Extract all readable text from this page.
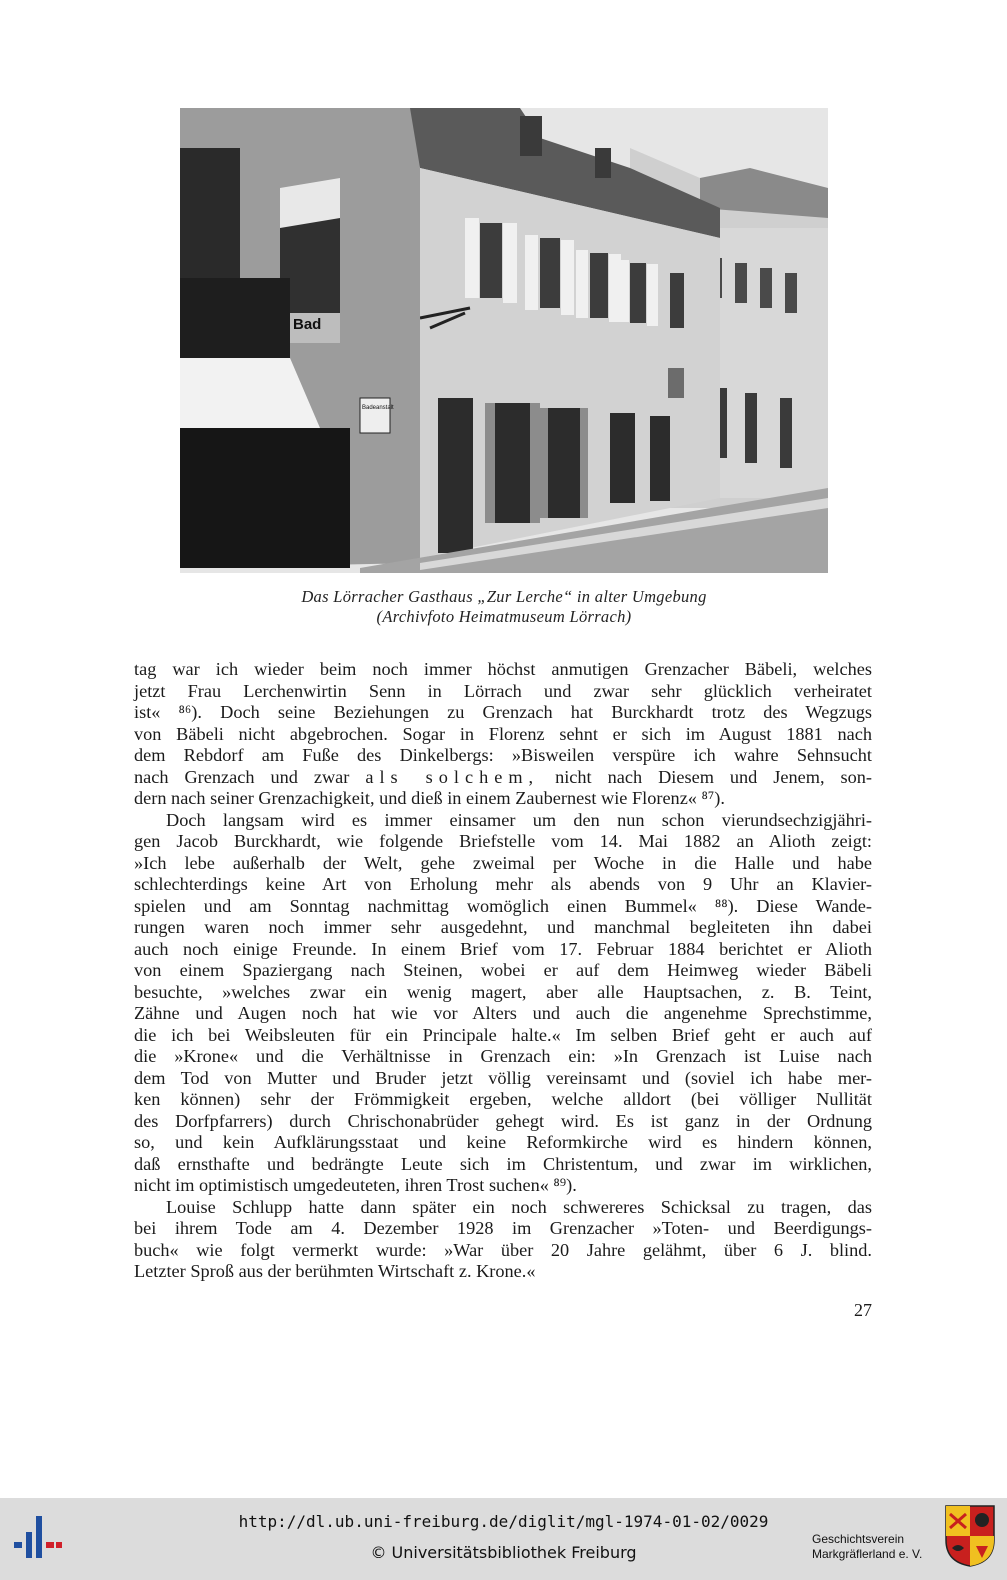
Bad
Badeanstalt
Das Lörracher Gasthaus „Zur Lerche“ in alter Umgebung
(Archivfoto Heimatmuseum Lörrach)
tag war ich wieder beim noch immer höchst anmutigen Grenzacher Bäbeli, welches
jetzt Frau Lerchenwirtin Senn in Lörrach und zwar sehr glücklich verheiratet
ist« ⁸⁶). Doch seine Beziehungen zu Grenzach hat Burckhardt trotz des Wegzugs
von Bäbeli nicht abgebrochen. Sogar in Florenz sehnt er sich im August 1881 nach
dem Rebdorf am Fuße des Dinkelbergs: »Bisweilen verspüre ich wahre Sehnsucht
nach Grenzach und zwar als solchem, nicht nach Diesem und Jenem, son-
dern nach seiner Grenzachigkeit, und dieß in einem Zaubernest wie Florenz« ⁸⁷).
Doch langsam wird es immer einsamer um den nun schon vierundsechzigjähri-
gen Jacob Burckhardt, wie folgende Briefstelle vom 14. Mai 1882 an Alioth zeigt:
»Ich lebe außerhalb der Welt, gehe zweimal per Woche in die Halle und habe
schlechterdings keine Art von Erholung mehr als abends von 9 Uhr an Klavier-
spielen und am Sonntag nachmittag womöglich einen Bummel« ⁸⁸). Diese Wande-
rungen waren noch immer sehr ausgedehnt, und manchmal begleiteten ihn dabei
auch noch einige Freunde. In einem Brief vom 17. Februar 1884 berichtet er Alioth
von einem Spaziergang nach Steinen, wobei er auf dem Heimweg wieder Bäbeli
besuchte, »welches zwar ein wenig magert, aber alle Hauptsachen, z. B. Teint,
Zähne und Augen noch hat wie vor Alters und auch die angenehme Sprechstimme,
die ich bei Weibsleuten für ein Principale halte.« Im selben Brief geht er auch auf
die »Krone« und die Verhältnisse in Grenzach ein: »In Grenzach ist Luise nach
dem Tod von Mutter und Bruder jetzt völlig vereinsamt und (soviel ich habe mer-
ken können) sehr der Frömmigkeit ergeben, welche alldort (bei völliger Nullität
des Dorfpfarrers) durch Chrischonabrüder gehegt wird. Es ist ganz in der Ordnung
so, und kein Aufklärungsstaat und keine Reformkirche wird es hindern können,
daß ernsthafte und bedrängte Leute sich im Christentum, und zwar im wirklichen,
nicht im optimistisch umgedeuteten, ihren Trost suchen« ⁸⁹).
Louise Schlupp hatte dann später ein noch schwereres Schicksal zu tragen, das
bei ihrem Tode am 4. Dezember 1928 im Grenzacher »Toten- und Beerdigungs-
buch« wie folgt vermerkt wurde: »War über 20 Jahre gelähmt, über 6 J. blind.
Letzter Sproß aus der berühmten Wirtschaft z. Krone.«
27
http://dl.ub.uni-freiburg.de/diglit/mgl-1974-01-02/0029
© Universitätsbibliothek Freiburg
Geschichtsverein
Markgräflerland e. V.
